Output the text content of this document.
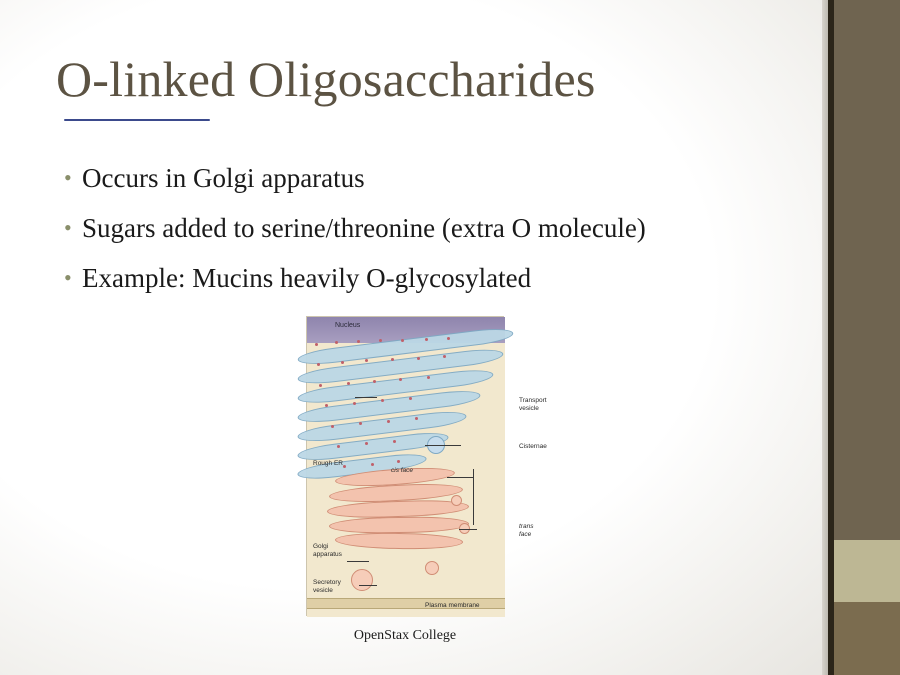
O-linked Oligosaccharides
• Occurs in Golgi apparatus
• Sugars added to serine/threonine (extra O molecule)
• Example: Mucins heavily O-glycosylated
Nucleus
Rough ER
cis face
trans face
Transport
vesicle
Cisternae
Golgi
apparatus
Secretory
vesicle
Plasma membrane
OpenStax College
